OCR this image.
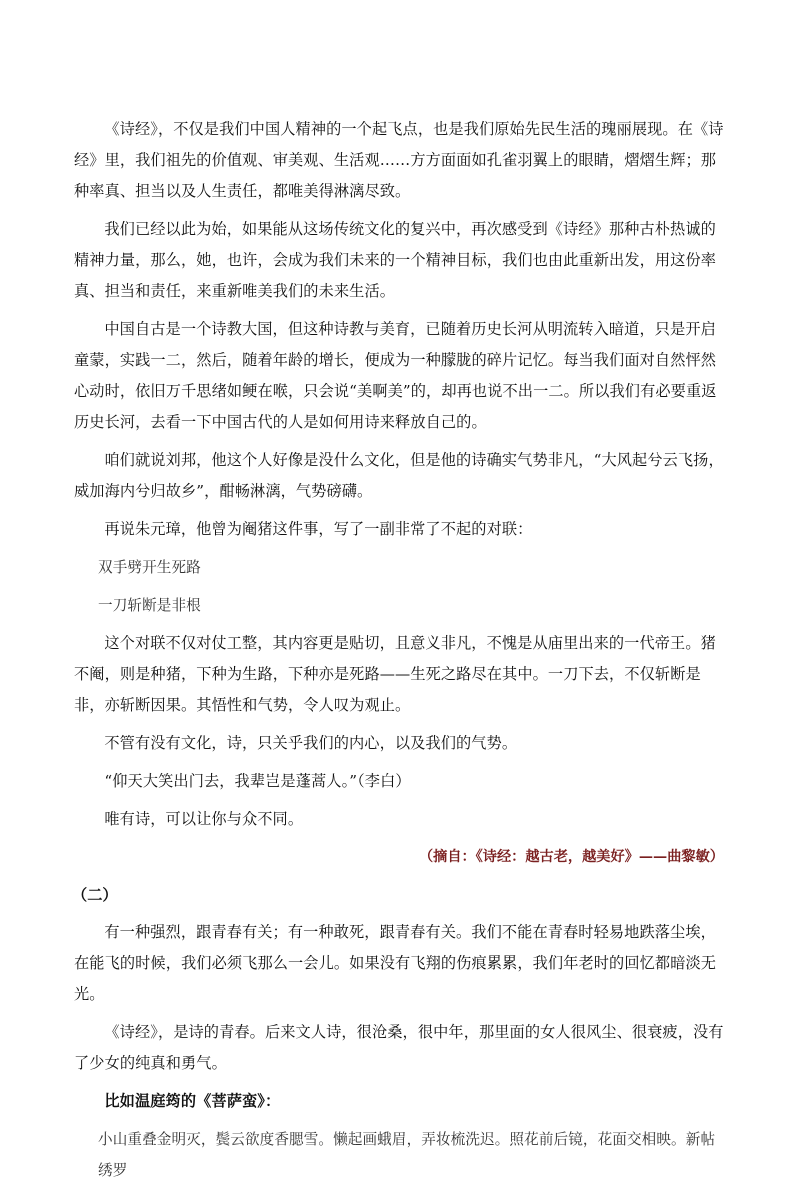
《诗经》，不仅是我们中国人精神的一个起飞点，也是我们原始先民生活的瑰丽展现。在《诗经》里，我们祖先的价值观、审美观、生活观……方方面面如孔雀羽翼上的眼睛，熠熠生辉；那种率真、担当以及人生责任，都唯美得淋漓尽致。

我们已经以此为始，如果能从这场传统文化的复兴中，再次感受到《诗经》那种古朴热诚的精神力量，那么，她，也许，会成为我们未来的一个精神目标，我们也由此重新出发，用这份率真、担当和责任，来重新唯美我们的未来生活。

中国自古是一个诗教大国，但这种诗教与美育，已随着历史长河从明流转入暗道，只是开启童蒙，实践一二，然后，随着年龄的增长，便成为一种朦胧的碎片记忆。每当我们面对自然怦然心动时，依旧万千思绪如鲠在喉，只会说“美啊美”的，却再也说不出一二。所以我们有必要重返历史长河，去看一下中国古代的人是如何用诗来释放自己的。

咱们就说刘邦，他这个人好像是没什么文化，但是他的诗确实气势非凡，“大风起兮云飞扬，威加海内兮归故乡”，酣畅淋漓，气势磅礴。

再说朱元璋，他曾为阉猪这件事，写了一副非常了不起的对联：

双手劈开生死路

一刀斩断是非根

这个对联不仅对仗工整，其内容更是贴切，且意义非凡，不愧是从庙里出来的一代帝王。猪不阉，则是种猪，下种为生路，下种亦是死路——生死之路尽在其中。一刀下去，不仅斩断是非，亦斩断因果。其悟性和气势，令人叹为观止。

不管有没有文化，诗，只关乎我们的内心，以及我们的气势。

“仰天大笑出门去，我辈岂是蓬蒿人。”（李白）

唯有诗，可以让你与众不同。

（摘自：《诗经：越古老，越美好》——曲黎敏）

（二）

有一种强烈，跟青春有关；有一种敢死，跟青春有关。我们不能在青春时轻易地跌落尘埃，在能飞的时候，我们必须飞那么一会儿。如果没有飞翔的伤痕累累，我们年老时的回忆都暗淡无光。

《诗经》，是诗的青春。后来文人诗，很沧桑，很中年，那里面的女人很风尘、很衰疲，没有了少女的纯真和勇气。

比如温庭筠的《菩萨蛮》：

小山重叠金明灭，鬓云欲度香腮雪。懒起画蛾眉，弄妆梳洗迟。照花前后镜，花面交相映。新帖绣罗
